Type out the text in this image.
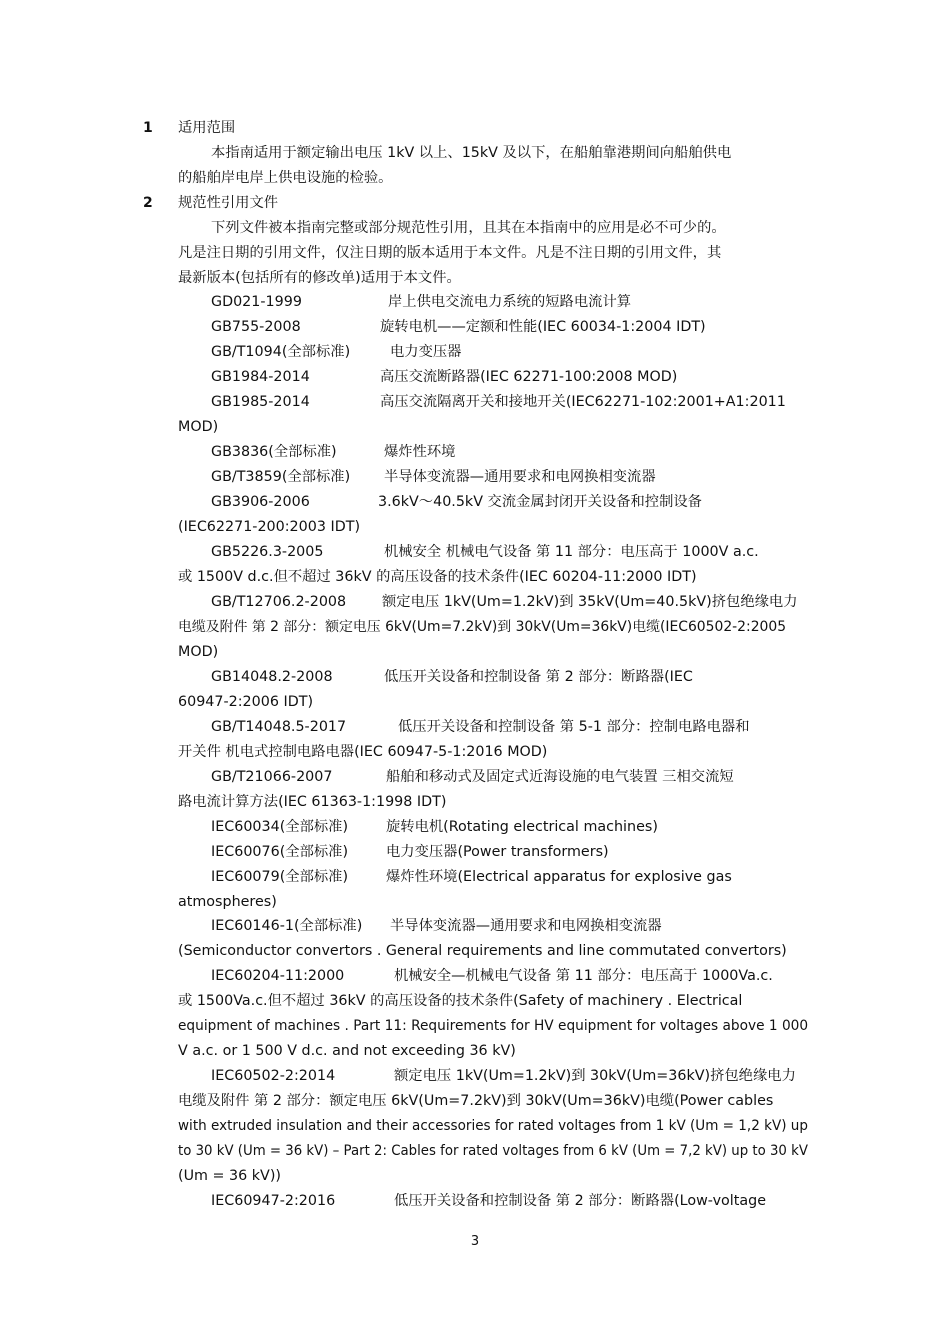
1 适用范围
本指南适用于额定输出电压 1kV 以上、15kV 及以下，在船舶靠港期间向船舶供电
的船舶岸电岸上供电设施的检验。
2 规范性引用文件
下列文件被本指南完整或部分规范性引用，且其在本指南中的应用是必不可少的。
凡是注日期的引用文件，仅注日期的版本适用于本文件。凡是不注日期的引用文件，其
最新版本(包括所有的修改单)适用于本文件。
GD021-1999	岸上供电交流电力系统的短路电流计算
GB755-2008	旋转电机——定额和性能(IEC 60034-1:2004 IDT)
GB/T1094(全部标准)	电力变压器
GB1984-2014	高压交流断路器(IEC 62271-100:2008 MOD)
GB1985-2014	高压交流隔离开关和接地开关(IEC62271-102:2001+A1:2011
MOD)
GB3836(全部标准)	爆炸性环境
GB/T3859(全部标准) 半导体变流器—通用要求和电网换相变流器
GB3906-2006	3.6kV～40.5kV 交流金属封闭开关设备和控制设备
(IEC62271-200:2003 IDT)
GB5226.3-2005	机械安全 机械电气设备 第 11 部分：电压高于 1000V a.c.
或 1500V d.c.但不超过 36kV 的高压设备的技术条件(IEC 60204-11:2000 IDT)
GB/T12706.2-2008	额定电压 1kV(Um=1.2kV)到 35kV(Um=40.5kV)挤包绝缘电力
电缆及附件 第 2 部分：额定电压 6kV(Um=7.2kV)到 30kV(Um=36kV)电缆(IEC60502-2:2005
MOD)
GB14048.2-2008	低压开关设备和控制设备 第 2 部分：断路器(IEC
60947-2:2006 IDT)
GB/T14048.5-2017	低压开关设备和控制设备 第 5-1 部分：控制电路电器和
开关件 机电式控制电路电器(IEC 60947-5-1:2016 MOD)
GB/T21066-2007	船舶和移动式及固定式近海设施的电气装置 三相交流短
路电流计算方法(IEC 61363-1:1998 IDT)
IEC60034(全部标准)	旋转电机(Rotating electrical machines)
IEC60076(全部标准)	电力变压器(Power transformers)
IEC60079(全部标准)	爆炸性环境(Electrical apparatus for explosive gas
atmospheres)
IEC60146-1(全部标准) 半导体变流器—通用要求和电网换相变流器
(Semiconductor convertors . General requirements and line commutated convertors)
IEC60204-11:2000	机械安全—机械电气设备 第 11 部分：电压高于 1000Va.c.
或 1500Va.c.但不超过 36kV 的高压设备的技术条件(Safety of machinery . Electrical
equipment of machines . Part 11: Requirements for HV equipment for voltages above 1 000
V a.c. or 1 500 V d.c. and not exceeding 36 kV)
IEC60502-2:2014	额定电压 1kV(Um=1.2kV)到 30kV(Um=36kV)挤包绝缘电力
电缆及附件 第 2 部分：额定电压 6kV(Um=7.2kV)到 30kV(Um=36kV)电缆(Power cables
with extruded insulation and their accessories for rated voltages from 1 kV (Um = 1,2 kV) up
to 30 kV (Um = 36 kV) – Part 2: Cables for rated voltages from 6 kV (Um = 7,2 kV) up to 30 kV
(Um = 36 kV))
IEC60947-2:2016	低压开关设备和控制设备 第 2 部分：断路器(Low-voltage
3
